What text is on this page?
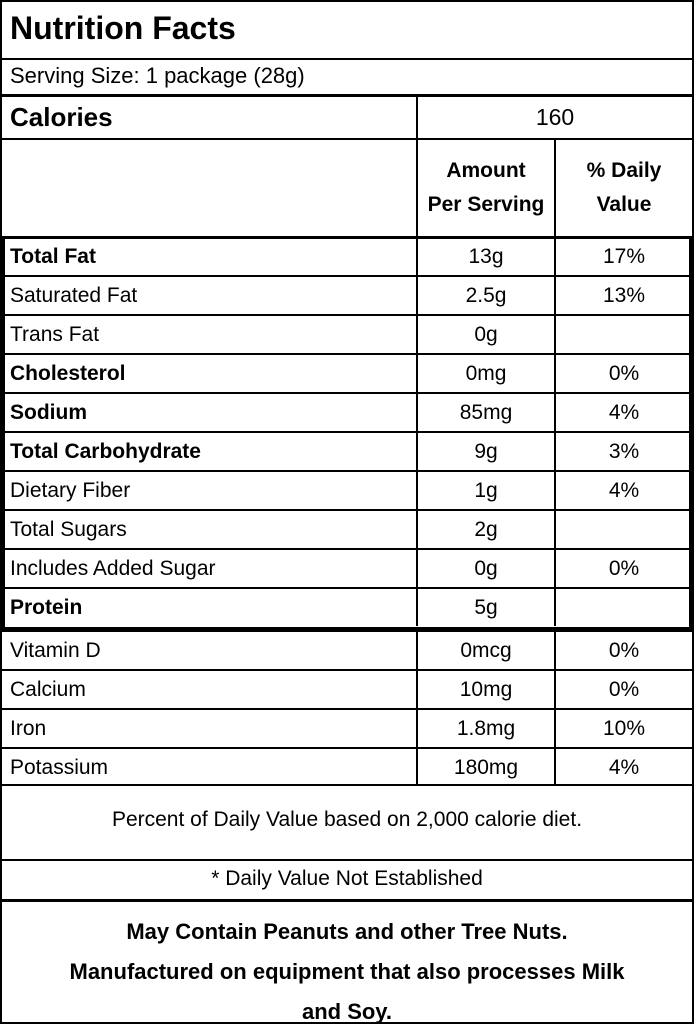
Nutrition Facts
Serving Size: 1 package (28g)
Calories	160
Amount
Per Serving
% Daily
Value
Total Fat	13g	17%
Saturated Fat	2.5g	13%
Trans Fat	0g
Cholesterol	0mg	0%
Sodium	85mg	4%
Total Carbohydrate	9g	3%
Dietary Fiber	1g	4%
Total Sugars	2g
Includes Added Sugar	0g	0%
Protein	5g
Vitamin D	0mcg	0%
Calcium	10mg	0%
Iron	1.8mg	10%
Potassium	180mg	4%
Percent of Daily Value based on 2,000 calorie diet.
* Daily Value Not Established
May Contain Peanuts and other Tree Nuts.
Manufactured on equipment that also processes Milk
and Soy.
